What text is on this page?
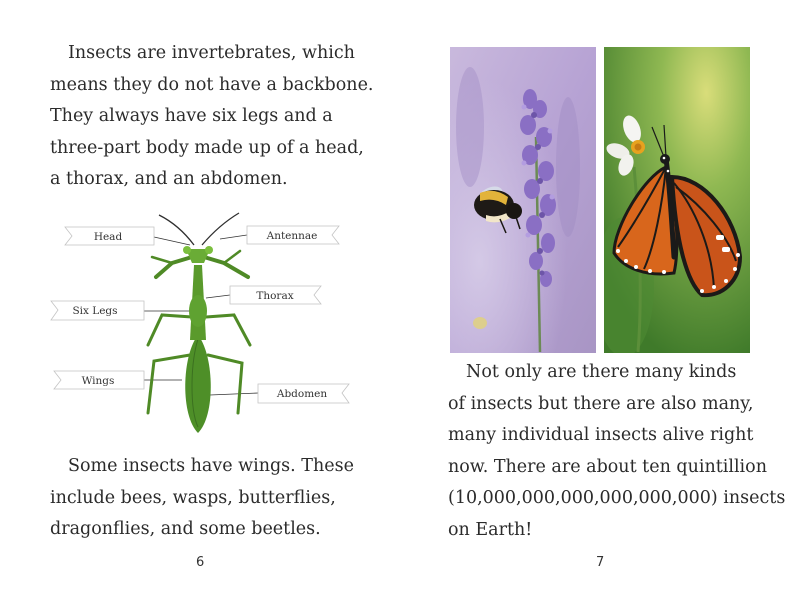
Insects are invertebrates, which
means they do not have a backbone.
They always have six legs and a
three-part body made up of a head,
a thorax, and an abdomen.
Head	Antennae
Thorax
Six Legs
Wings
Abdomen
Some insects have wings. These
include bees, wasps, butterflies,
dragonflies, and some beetles.
6
Not only are there many kinds
of insects but there are also many,
many individual insects alive right
now. There are about ten quintillion
(10,000,000,000,000,000,000) insects
on Earth!
7
